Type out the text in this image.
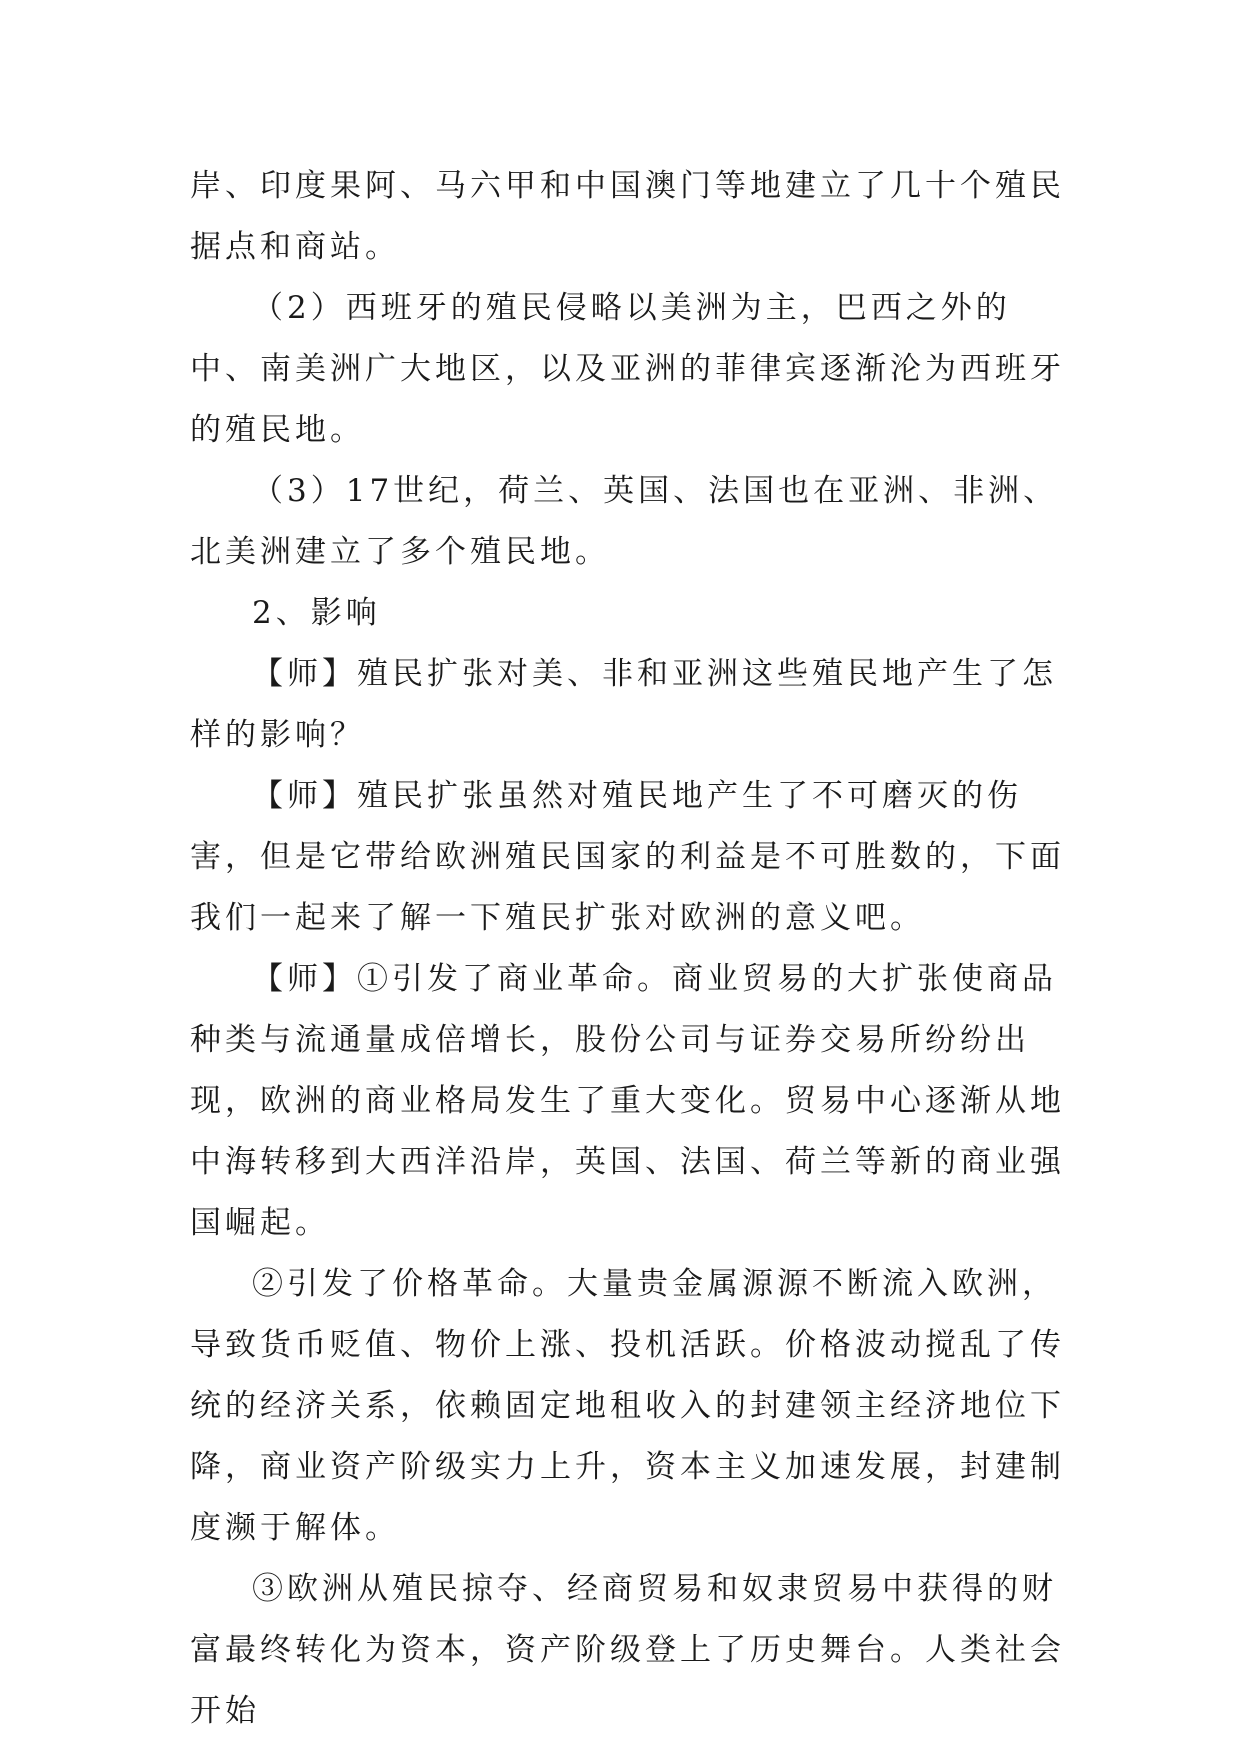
岸、印度果阿、马六甲和中国澳门等地建立了几十个殖民据点和商站。

（2）西班牙的殖民侵略以美洲为主，巴西之外的中、南美洲广大地区，以及亚洲的菲律宾逐渐沦为西班牙的殖民地。

（3）17世纪，荷兰、英国、法国也在亚洲、非洲、北美洲建立了多个殖民地。

2、影响

【师】殖民扩张对美、非和亚洲这些殖民地产生了怎样的影响？

【师】殖民扩张虽然对殖民地产生了不可磨灭的伤害，但是它带给欧洲殖民国家的利益是不可胜数的，下面我们一起来了解一下殖民扩张对欧洲的意义吧。

【师】①引发了商业革命。商业贸易的大扩张使商品种类与流通量成倍增长，股份公司与证券交易所纷纷出现，欧洲的商业格局发生了重大变化。贸易中心逐渐从地中海转移到大西洋沿岸，英国、法国、荷兰等新的商业强国崛起。

②引发了价格革命。大量贵金属源源不断流入欧洲，导致货币贬值、物价上涨、投机活跃。价格波动搅乱了传统的经济关系，依赖固定地租收入的封建领主经济地位下降，商业资产阶级实力上升，资本主义加速发展，封建制度濒于解体。

③欧洲从殖民掠夺、经商贸易和奴隶贸易中获得的财富最终转化为资本，资产阶级登上了历史舞台。人类社会开始
